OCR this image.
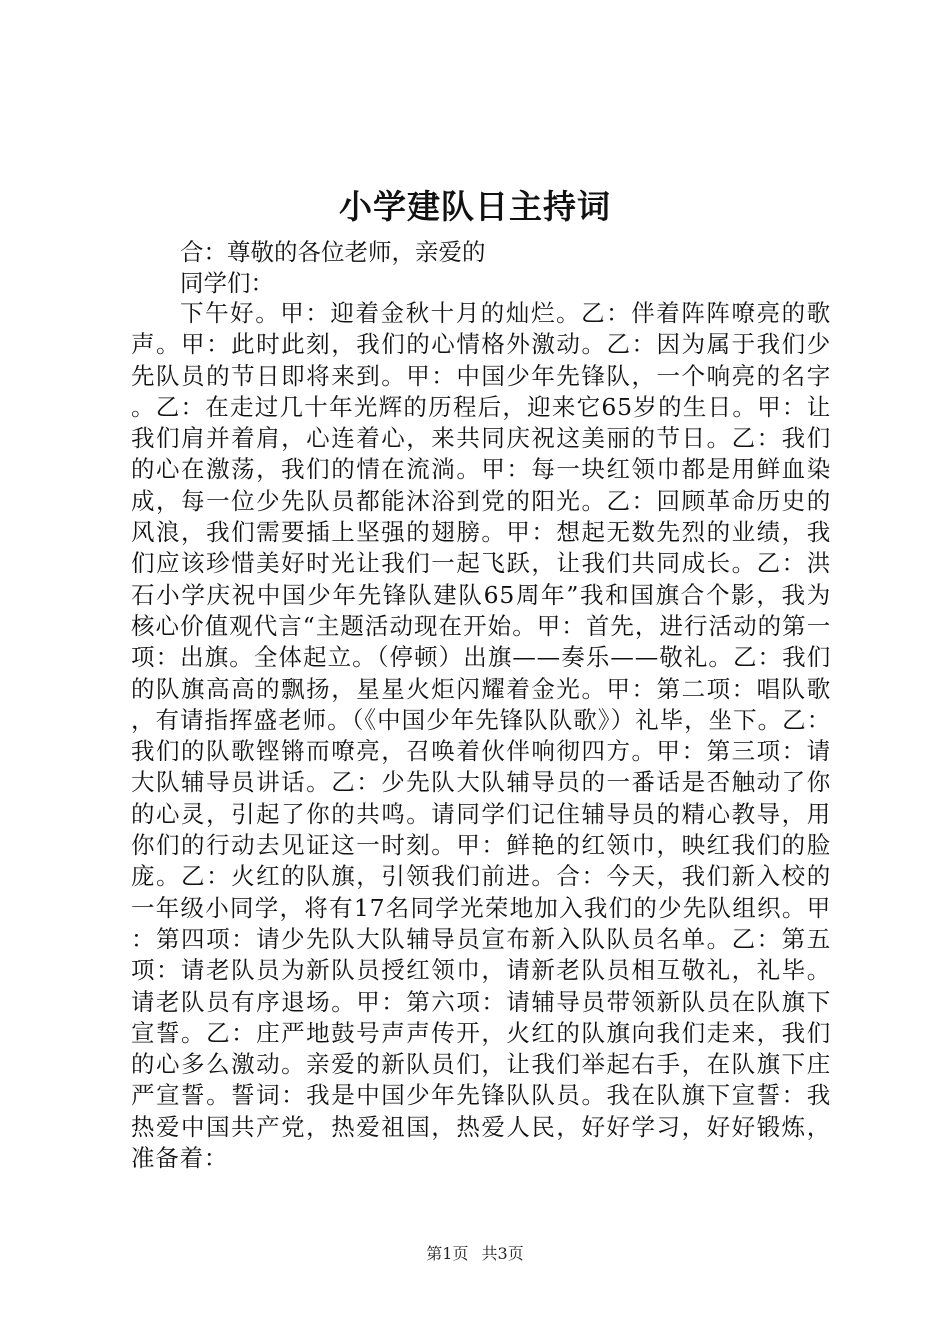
小学建队日主持词
合：尊敬的各位老师，亲爱的
同学们：

下午好。甲：迎着金秋十月的灿烂。乙：伴着阵阵嘹亮的歌声。甲：此时此刻，我们的心情格外激动。乙：因为属于我们少先队员的节日即将来到。甲：中国少年先锋队，一个响亮的名字。乙：在走过几十年光辉的历程后，迎来它65岁的生日。甲：让我们肩并着肩，心连着心，来共同庆祝这美丽的节日。乙：我们的心在激荡，我们的情在流淌。甲：每一块红领巾都是用鲜血染成，每一位少先队员都能沐浴到党的阳光。乙：回顾革命历史的风浪，我们需要插上坚强的翅膀。甲：想起无数先烈的业绩，我们应该珍惜美好时光让我们一起飞跃，让我们共同成长。乙：洪石小学庆祝中国少年先锋队建队65周年”我和国旗合个影，我为核心价值观代言“主题活动现在开始。甲：首先，进行活动的第一项：出旗。全体起立。（停顿）出旗——奏乐——敬礼。乙：我们的队旗高高的飘扬，星星火炬闪耀着金光。甲：第二项：唱队歌，有请指挥盛老师。（《中国少年先锋队队歌》）礼毕，坐下。乙：我们的队歌铿锵而嘹亮，召唤着伙伴响彻四方。甲：第三项：请大队辅导员讲话。乙：少先队大队辅导员的一番话是否触动了你的心灵，引起了你的共鸣。请同学们记住辅导员的精心教导，用你们的行动去见证这一时刻。甲：鲜艳的红领巾，映红我们的脸庞。乙：火红的队旗，引领我们前进。合：今天，我们新入校的一年级小同学，将有17名同学光荣地加入我们的少先队组织。甲：第四项：请少先队大队辅导员宣布新入队队员名单。乙：第五项：请老队员为新队员授红领巾，请新老队员相互敬礼，礼毕。请老队员有序退场。甲：第六项：请辅导员带领新队员在队旗下宣誓。乙：庄严地鼓号声声传开，火红的队旗向我们走来，我们的心多么激动。亲爱的新队员们，让我们举起右手，在队旗下庄严宣誓。誓词：我是中国少年先锋队队员。我在队旗下宣誓：我热爱中国共产党，热爱祖国，热爱人民，好好学习，好好锻炼，准备着：

第1页 共3页
